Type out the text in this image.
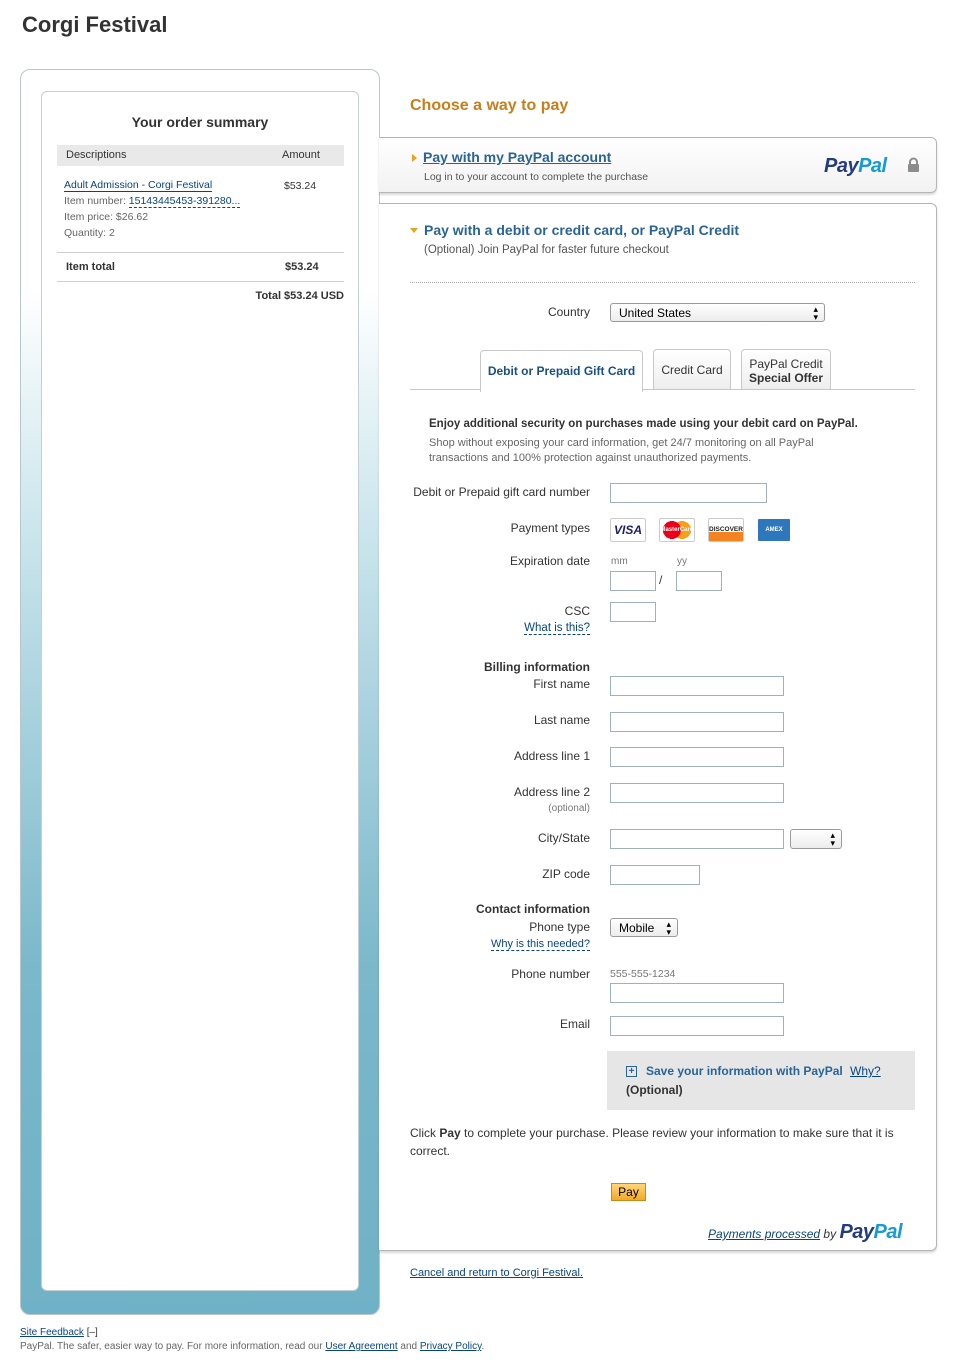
Corgi Festival
Your order summary
Descriptions	Amount
Adult Admission - Corgi Festival	$53.24
Item number: 15143445453-391280...
Item price: $26.62
Quantity: 2
Item total	$53.24
Total $53.24 USD
Choose a way to pay
Pay with my PayPal account
Log in to your account to complete the purchase	PayPal
Pay with a debit or credit card, or PayPal Credit
(Optional) Join PayPal for faster future checkout
Country	United States	▴
▾
Debit or Prepaid Gift Card	Credit Card	PayPal Credit
Special Offer
Enjoy additional security on purchases made using your debit card on PayPal.
Shop without exposing your card information, get 24/7 monitoring on all PayPal transactions and 100% protection against unauthorized payments.
Debit or Prepaid gift card number
Payment types	VISA	MasterCard DISCOVER	AMEX
Expiration date mm	yy
/
CSC
What is this?
Billing information
First name
Last name
Address line 1
Address line 2
(optional)
City/State	▴
▾
ZIP code
Contact information
Phone type
Why is this needed?
Mobile ▴
▾
Phone number 555-555-1234
Email
+ Save your information with PayPal Why?
(Optional)
Click Pay to complete your purchase. Please review your information to make sure that it is correct.
Pay
Payments processed by PayPal
Cancel and return to Corgi Festival.
Site Feedback [–]
PayPal. The safer, easier way to pay. For more information, read our User Agreement and Privacy Policy.
